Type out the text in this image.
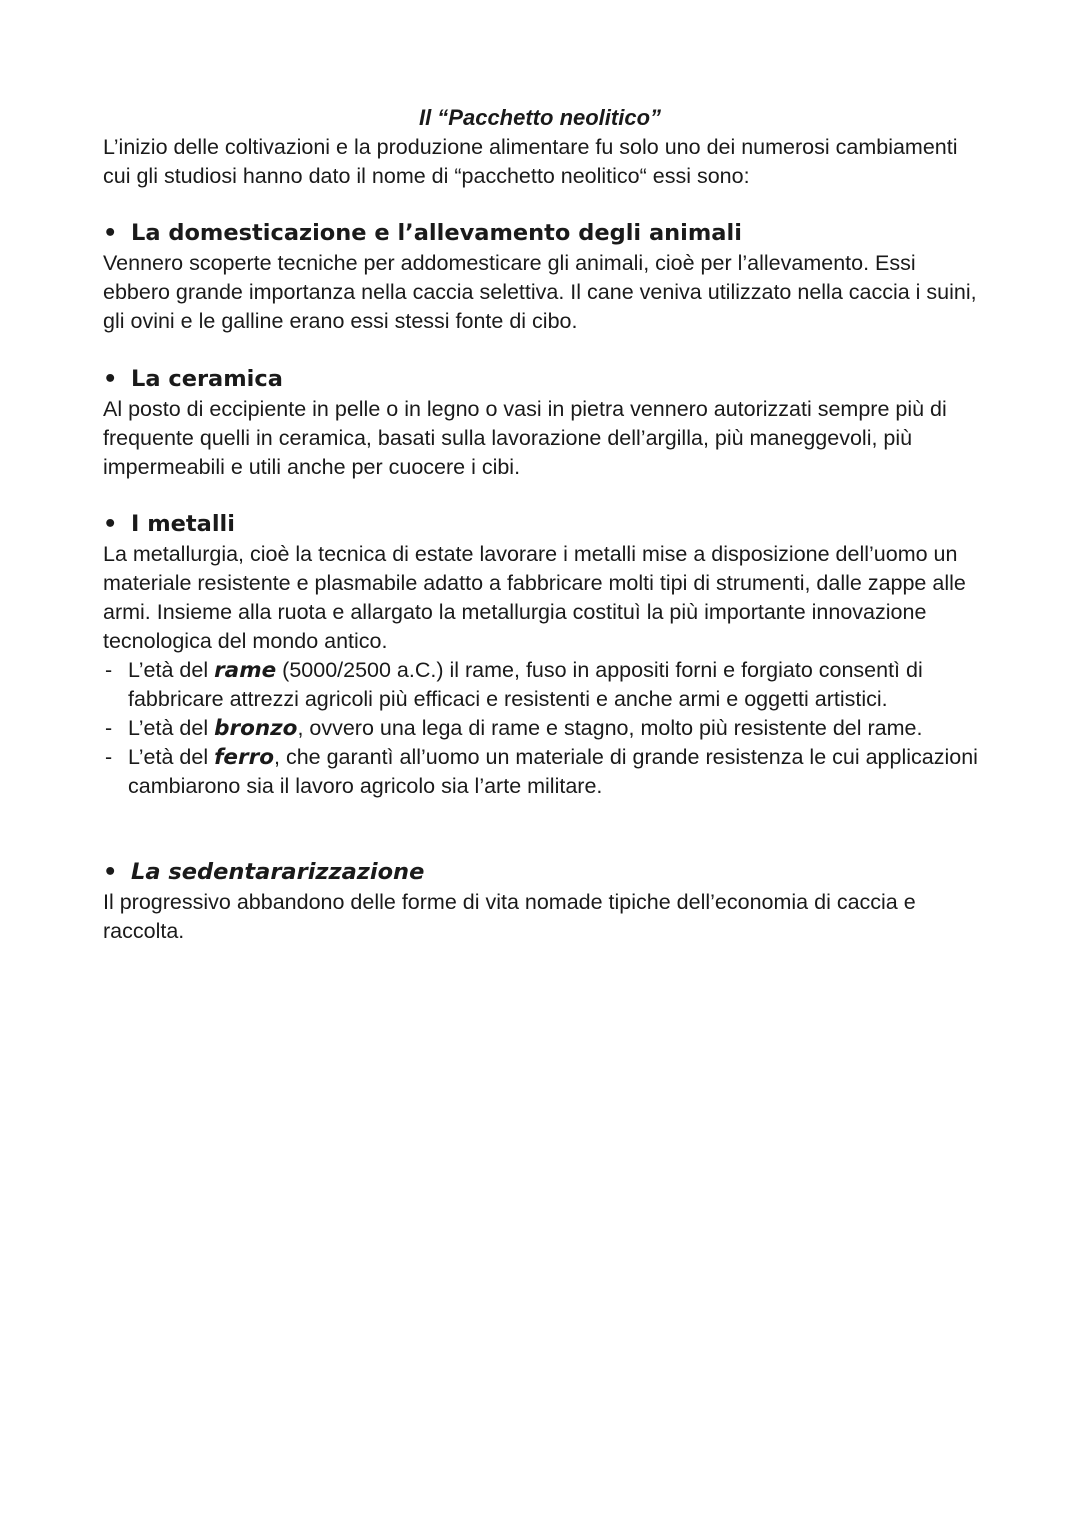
Il “Pacchetto neolitico”
L’inizio delle coltivazioni e la produzione alimentare fu solo uno dei numerosi cambiamenti cui gli studiosi hanno dato il nome di “pacchetto neolitico“ essi sono:
• La domesticazione e l’allevamento degli animali
Vennero scoperte tecniche per addomesticare gli animali, cioè per l’allevamento. Essi ebbero grande importanza nella caccia selettiva. Il cane veniva utilizzato nella caccia i suini, gli ovini e le galline erano essi stessi fonte di cibo.
• La ceramica
Al posto di eccipiente in pelle o in legno o vasi in pietra vennero autorizzati sempre più di frequente quelli in ceramica, basati sulla lavorazione dell’argilla, più maneggevoli, più impermeabili e utili anche per cuocere i cibi.
• I metalli
La metallurgia, cioè la tecnica di estate lavorare i metalli mise a disposizione dell’uomo un materiale resistente e plasmabile adatto a fabbricare molti tipi di strumenti, dalle zappe alle armi. Insieme alla ruota e allargato la metallurgia costituì la più importante innovazione tecnologica del mondo antico.
- L’età del rame (5000/2500 a.C.) il rame, fuso in appositi forni e forgiato consentì di fabbricare attrezzi agricoli più efficaci e resistenti e anche armi e oggetti artistici.
- L’età del bronzo, ovvero una lega di rame e stagno, molto più resistente del rame.
- L’età del ferro, che garantì all’uomo un materiale di grande resistenza le cui applicazioni cambiarono sia il lavoro agricolo sia l’arte militare.
• La sedentararizzazione
Il progressivo abbandono delle forme di vita nomade tipiche dell’economia di caccia e raccolta.
